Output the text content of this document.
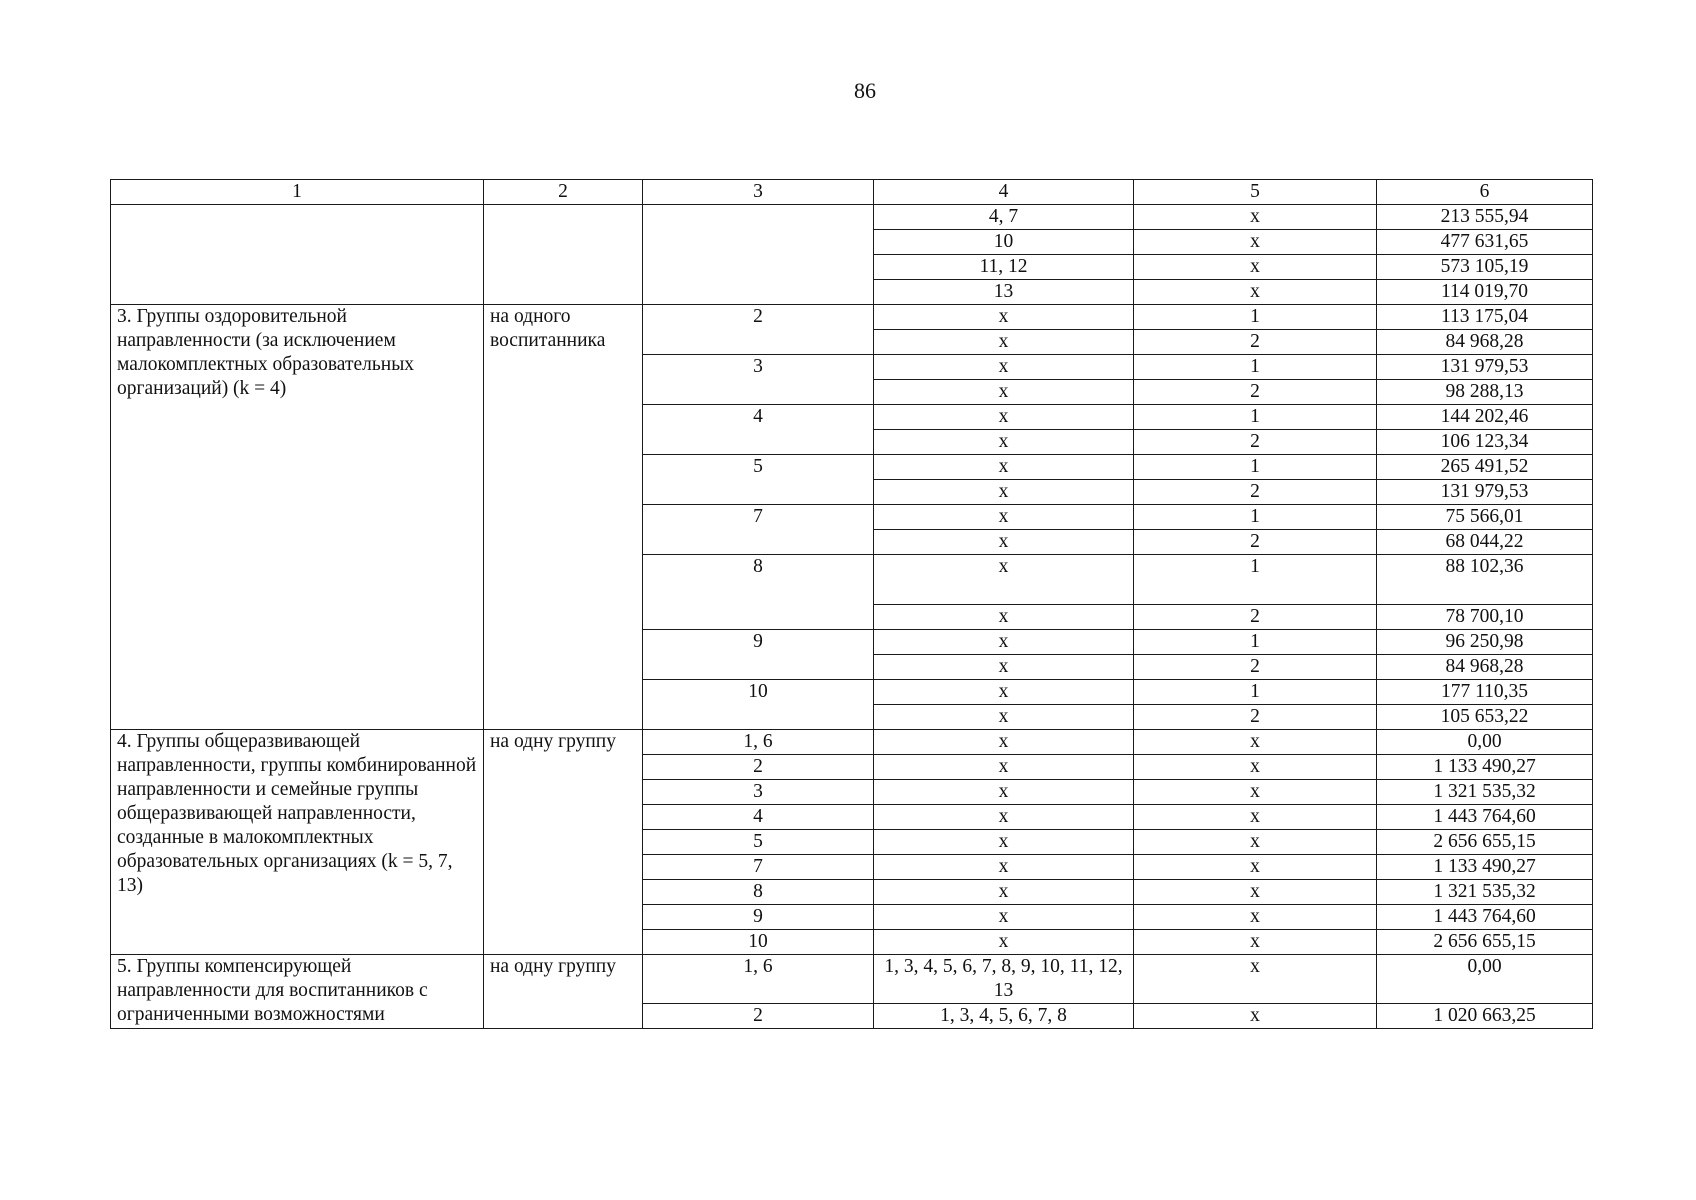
86
1	2	3	4	5	6
			4, 7	х	213 555,94
			10	х	477 631,65
			11, 12	х	573 105,19
			13	х	114 019,70
3. Группы оздоровительной направленности (за исключением малокомплектных образовательных организаций) (k = 4)	на одного воспитанника	2	х	1	113 175,04
			х	2	84 968,28
		3	х	1	131 979,53
			х	2	98 288,13
		4	х	1	144 202,46
			х	2	106 123,34
		5	х	1	265 491,52
			х	2	131 979,53
		7	х	1	75 566,01
			х	2	68 044,22
		8	х	1	88 102,36
			х	2	78 700,10
		9	х	1	96 250,98
			х	2	84 968,28
		10	х	1	177 110,35
			х	2	105 653,22
4. Группы общеразвивающей направленности, группы комбинированной направленности и семейные группы общеразвивающей направленности, созданные в малокомплектных образовательных организациях (k = 5, 7, 13)	на одну группу	1, 6	х	х	0,00
		2	х	х	1 133 490,27
		3	х	х	1 321 535,32
		4	х	х	1 443 764,60
		5	х	х	2 656 655,15
		7	х	х	1 133 490,27
		8	х	х	1 321 535,32
		9	х	х	1 443 764,60
		10	х	х	2 656 655,15
5. Группы компенсирующей направленности для воспитанников с ограниченными возможностями	на одну группу	1, 6	1, 3, 4, 5, 6, 7, 8, 9, 10, 11, 12, 13	х	0,00
		2	1, 3, 4, 5, 6, 7, 8	х	1 020 663,25
